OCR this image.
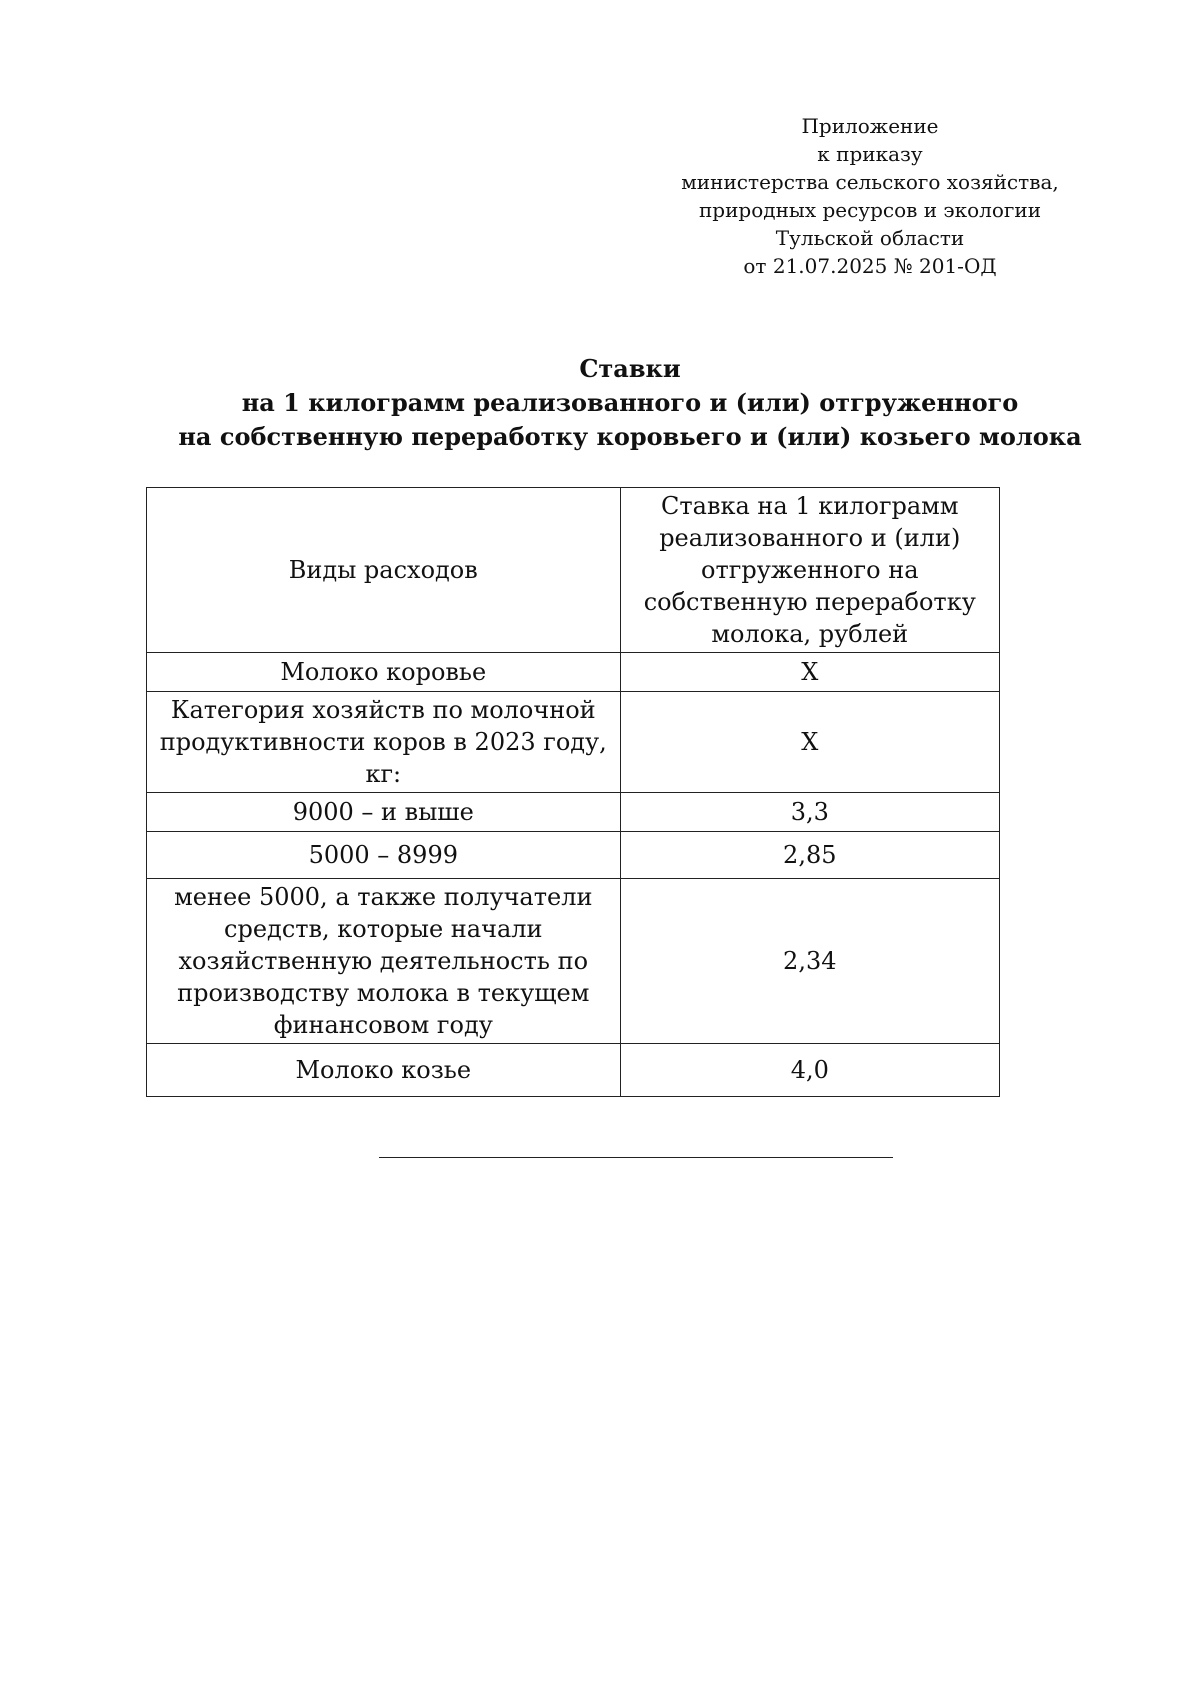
Приложение
к приказу
министерства сельского хозяйства,
природных ресурсов и экологии
Тульской области
от 21.07.2025 № 201-ОД
Ставки
на 1 килограмм реализованного и (или) отгруженного
на собственную переработку коровьего и (или) козьего молока
Виды расходов	Ставка на 1 килограмм реализованного и (или) отгруженного на собственную переработку молока, рублей
Молоко коровье	Х
Категория хозяйств по молочной продуктивности коров в 2023 году, кг:	Х
9000 – и выше	3,3
5000 – 8999	2,85
менее 5000, а также получатели средств, которые начали хозяйственную деятельность по производству молока в текущем финансовом году	2,34
Молоко козье	4,0
